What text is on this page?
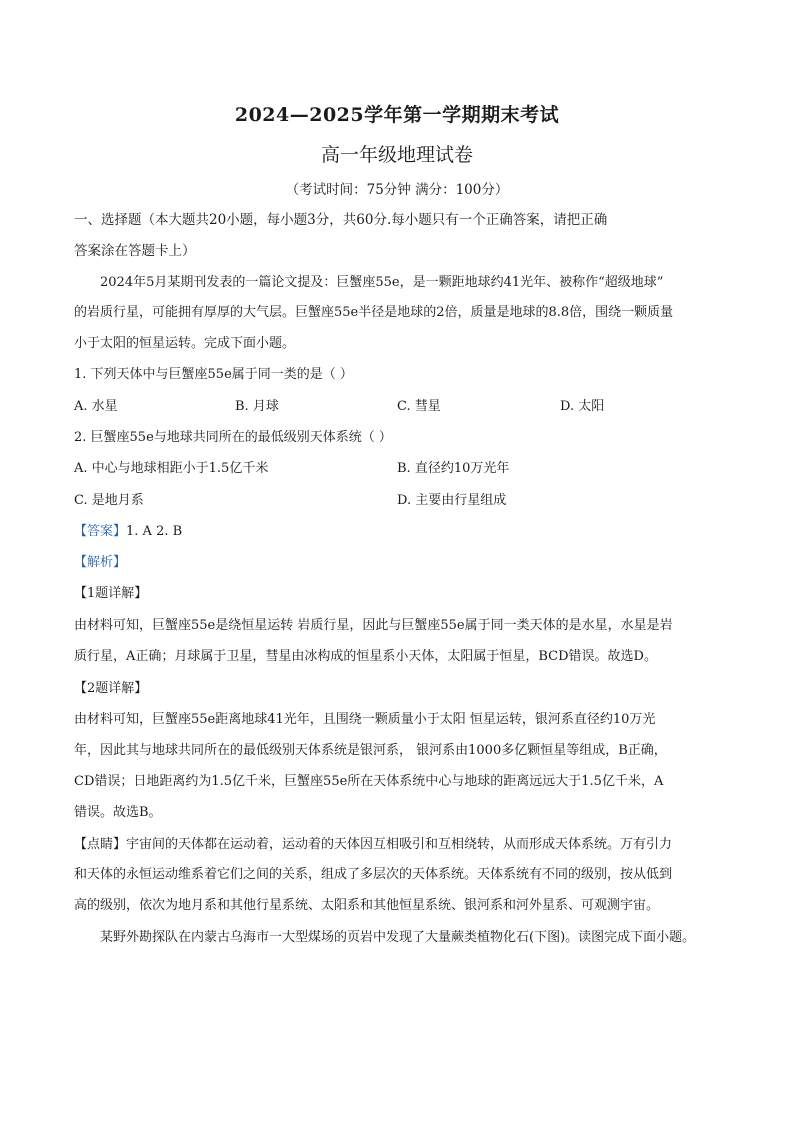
2024—2025学年第一学期期末考试
高一年级地理试卷
（考试时间：75分钟 满分：100分）
一、选择题（本大题共20小题，每小题3分，共60分.每小题只有一个正确答案，请把正确
答案涂在答题卡上）
2024年5月某期刊发表的一篇论文提及：巨蟹座55e，是一颗距地球约41光年、被称作“超级地球”
的岩质行星，可能拥有厚厚的大气层。巨蟹座55e半径是地球的2倍，质量是地球的8.8倍，围绕一颗质量
小于太阳的恒星运转。完成下面小题。
1. 下列天体中与巨蟹座55e属于同一类的是（ ）
A. 水星	B. 月球	C. 彗星	D. 太阳
2. 巨蟹座55e与地球共同所在的最低级别天体系统（ ）
A. 中心与地球相距小于1.5亿千米	B. 直径约10万光年
C. 是地月系	D. 主要由行星组成
【答案】1. A 2. B
【解析】
【1题详解】
由材料可知，巨蟹座55e是绕恒星运转 岩质行星，因此与巨蟹座55e属于同一类天体的是水星，水星是岩
质行星，A正确；月球属于卫星，彗星由冰构成的恒星系小天体，太阳属于恒星，BCD错误。故选D。
【2题详解】
由材料可知，巨蟹座55e距离地球41光年，且围绕一颗质量小于太阳 恒星运转，银河系直径约10万光
年，因此其与地球共同所在的最低级别天体系统是银河系， 银河系由1000多亿颗恒星等组成，B正确，
CD错误；日地距离约为1.5亿千米，巨蟹座55e所在天体系统中心与地球的距离远远大于1.5亿千米，A
错误。故选B。
【点睛】宇宙间的天体都在运动着，运动着的天体因互相吸引和互相绕转，从而形成天体系统。万有引力
和天体的永恒运动维系着它们之间的关系，组成了多层次的天体系统。天体系统有不同的级别，按从低到
高的级别，依次为地月系和其他行星系统、太阳系和其他恒星系统、银河系和河外星系、可观测宇宙。
某野外勘探队在内蒙古乌海市一大型煤场的页岩中发现了大量蕨类植物化石(下图)。读图完成下面小题。
